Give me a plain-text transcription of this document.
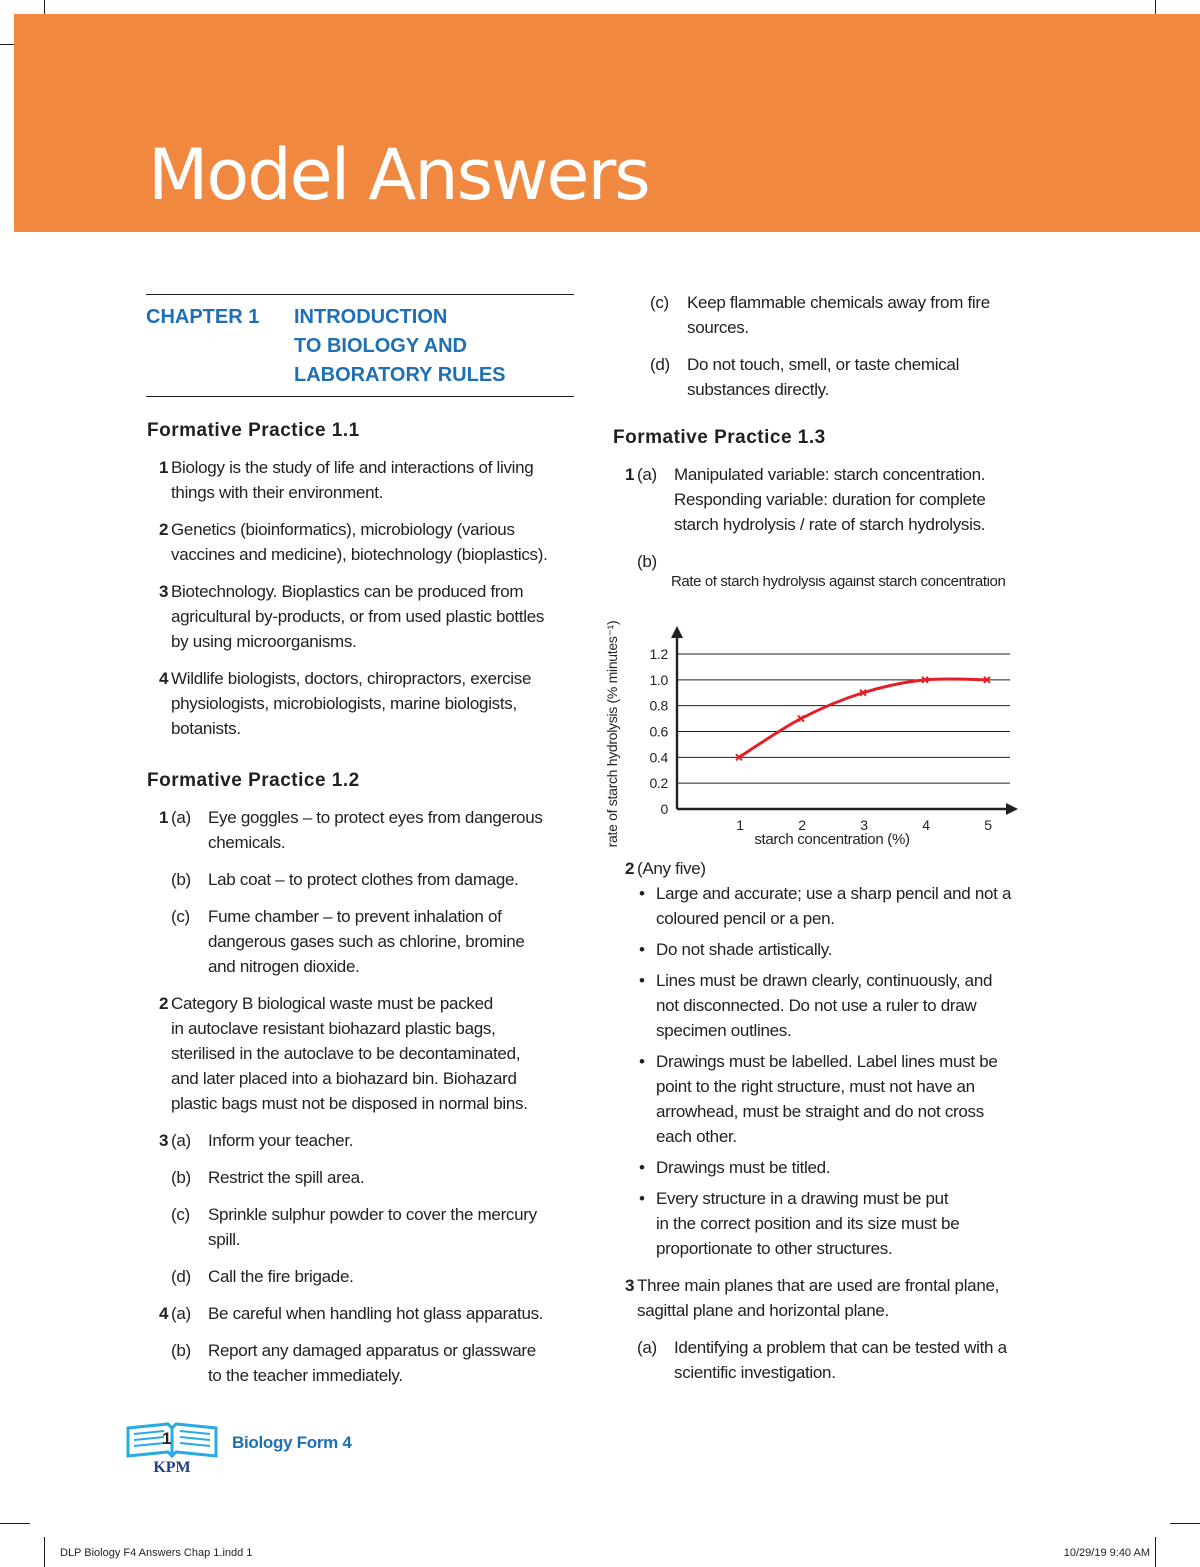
Model Answers
CHAPTER 1	INTRODUCTION
TO BIOLOGY AND
LABORATORY RULES
Formative Practice 1.1
1 Biology is the study of life and interactions of living
things with their environment.
2 Genetics (bioinformatics), microbiology (various
vaccines and medicine), biotechnology (bioplastics).
3 Biotechnology. Bioplastics can be produced from
agricultural by-products, or from used plastic bottles
by using microorganisms.
4 Wildlife biologists, doctors, chiropractors, exercise
physiologists, microbiologists, marine biologists,
botanists.
Formative Practice 1.2
1 (a)	Eye goggles – to protect eyes from dangerous
chemicals.
(b)	Lab coat – to protect clothes from damage.
(c)	Fume chamber – to prevent inhalation of
dangerous gases such as chlorine, bromine
and nitrogen dioxide.
2 Category B biological waste must be packed
in autoclave resistant biohazard plastic bags,
sterilised in the autoclave to be decontaminated,
and later placed into a biohazard bin. Biohazard
plastic bags must not be disposed in normal bins.
3 (a)	Inform your teacher.
(b)	Restrict the spill area.
(c)	Sprinkle sulphur powder to cover the mercury
spill.
(d)	Call the fire brigade.
4 (a)	Be careful when handling hot glass apparatus.
(b)	Report any damaged apparatus or glassware
to the teacher immediately.
(c)	Keep flammable chemicals away from fire
sources.
(d)	Do not touch, smell, or taste chemical
substances directly.
Formative Practice 1.3
1 (a)	Manipulated variable: starch concentration.
Responding variable: duration for complete
starch hydrolysis / rate of starch hydrolysis.
(b)
Rate of starch hydrolysis against starch concentration
rate of starch hydrolysis (% minutes⁻¹)	starch concentration (%)
0
0.2
0.4
0.6
0.8
1.0
1.2
1	2	3	4	5
2 (Any five)
• Large and accurate; use a sharp pencil and not a
coloured pencil or a pen.
• Do not shade artistically.
• Lines must be drawn clearly, continuously, and
not disconnected. Do not use a ruler to draw
specimen outlines.
• Drawings must be labelled. Label lines must be
point to the right structure, must not have an
arrowhead, must be straight and do not cross
each other.
• Drawings must be titled.
• Every structure in a drawing must be put
in the correct position and its size must be
proportionate to other structures.
3 Three main planes that are used are frontal plane,
sagittal plane and horizontal plane.
(a)	Identifying a problem that can be tested with a
scientific investigation.
1
KPM
Biology Form 4
DLP Biology F4 Answers Chap 1.indd 1	10/29/19 9:40 AM
